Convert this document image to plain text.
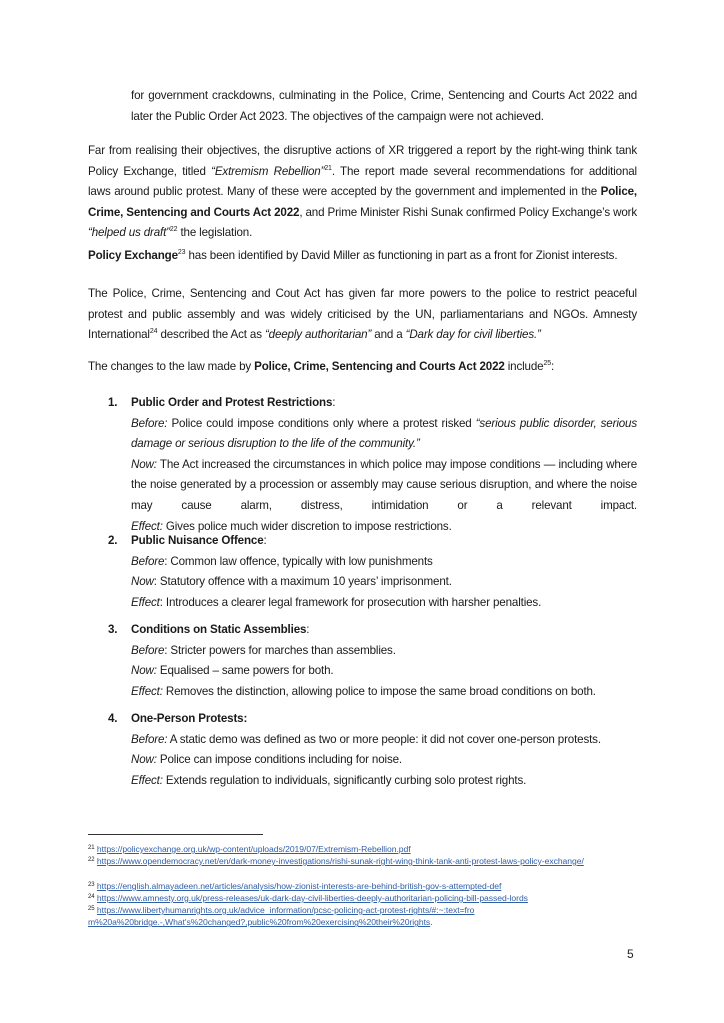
for government crackdowns, culminating in the Police, Crime, Sentencing and Courts Act 2022 and
later the Public Order Act 2023. The objectives of the campaign were not achieved.
Far from realising their objectives, the disruptive actions of XR triggered a report by the right-wing think tank Policy Exchange, titled “Extremism Rebellion”$^{21}$. The report made several recommendations for additional laws around public protest. Many of these were accepted by the government and implemented in the Police, Crime, Sentencing and Courts Act 2022, and Prime Minister Rishi Sunak confirmed Policy Exchange’s work “helped us draft”$^{22}$ the legislation.
Policy Exchange$^{23}$ has been identified by David Miller as functioning in part as a front for Zionist interests.
The Police, Crime, Sentencing and Cout Act has given far more powers to the police to restrict peaceful protest and public assembly and was widely criticised by the UN, parliamentarians and NGOs. Amnesty International$^{24}$ described the Act as “deeply authoritarian” and a “Dark day for civil liberties.”
The changes to the law made by Police, Crime, Sentencing and Courts Act 2022 include$^{25}$:
1. Public Order and Protest Restrictions:
Before: Police could impose conditions only where a protest risked “serious public disorder, serious damage or serious disruption to the life of the community.”
Now: The Act increased the circumstances in which police may impose conditions — including where the noise generated by a procession or assembly may cause serious disruption, and where the noise may cause alarm, distress, intimidation or a relevant impact.
Effect: Gives police much wider discretion to impose restrictions.
2. Public Nuisance Offence:
Before: Common law offence, typically with low punishments
Now: Statutory offence with a maximum 10 years’ imprisonment.
Effect: Introduces a clearer legal framework for prosecution with harsher penalties.
3. Conditions on Static Assemblies:
Before: Stricter powers for marches than assemblies.
Now: Equalised – same powers for both.
Effect: Removes the distinction, allowing police to impose the same broad conditions on both.
4. One-Person Protests:
Before: A static demo was defined as two or more people: it did not cover one-person protests.
Now: Police can impose conditions including for noise.
Effect: Extends regulation to individuals, significantly curbing solo protest rights.
$^{21}$ https://policyexchange.org.uk/wp-content/uploads/2019/07/Extremism-Rebellion.pdf
$^{22}$ https://www.opendemocracy.net/en/dark-money-investigations/rishi-sunak-right-wing-think-tank-anti-protest-laws-policy-exchange/
$^{23}$ https://english.almayadeen.net/articles/analysis/how-zionist-interests-are-behind-british-gov-s-attempted-def
$^{24}$ https://www.amnesty.org.uk/press-releases/uk-dark-day-civil-liberties-deeply-authoritarian-policing-bill-passed-lords
$^{25}$ https://www.libertyhumanrights.org.uk/advice_information/pcsc-policing-act-protest-rights/#:~:text=from%20a%20bridge.-,What's%20changed?,public%20from%20exercising%20their%20rights.
5
